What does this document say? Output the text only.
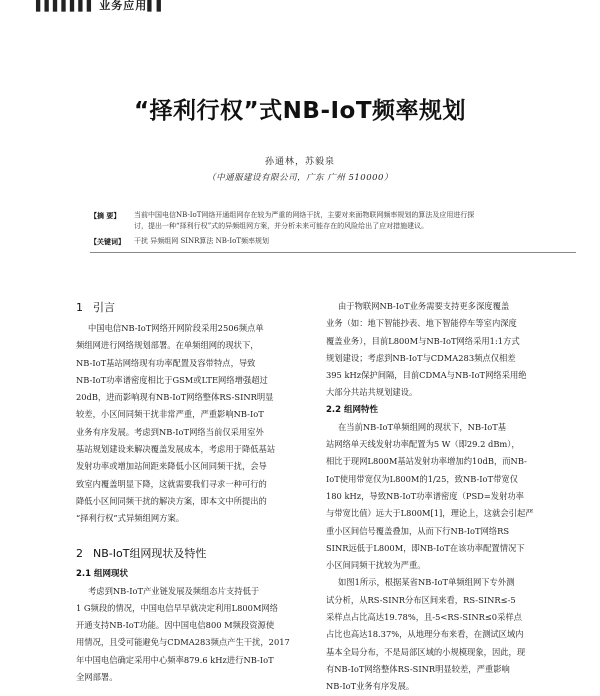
▌▌▌▌▌▌▌ 业务应用▌▌
“择利行权”式NB-IoT频率规划
孙通林，苏毅泉
（中通服建设有限公司，广东 广州 510000）
【摘 要】	当前中国电信NB-IoT网络开通组网存在较为严重的网络干扰，主要对来面物联网频率规划的算法及应用进行探
讨，提出一种“择利行权”式的异频组网方案，并分析未来可能存在的风险给出了应对措施建议。
【关键词】	干扰 异频组网 SINR算法 NB-IoT频率规划
1 引言

中国电信NB-IoT网络开网阶段采用2506频点单

频组网进行网络规划部署。在单频组网的现状下，

NB-IoT基站网络现有功率配置及容带特点，导致

NB-IoT功率谱密度相比于GSM或LTE网络增强超过

20dB，进而影响现有NB-IoT网络整体RS-SINR明显

较差，小区间同频干扰非常严重，严重影响NB-IoT

业务有序发展。考虑到NB-IoT网络当前仅采用室外

基站规划建设来解决覆盖发展成本，考虑用于降低基站

发射功率或增加站间距来降低小区间同频干扰，会导

致室内覆盖明显下降，这就需要我们寻求一种可行的

降低小区间同频干扰的解决方案，即本文中所提出的

“择利行权”式异频组网方案。

2 NB-IoT组网现状及特性
2.1 组网现状

考虑到NB-IoT产业链发展及频组态片支持低于

1 G频段的情况，中国电信早早就决定利用L800M网络

开通支持NB-IoT功能。因中国电信800 M频段资源使

用情况，且受可能避免与CDMA283频点产生干扰，2017

年中国电信确定采用中心频率879.6 kHz进行NB-IoT

全网部署。

由于物联网NB-IoT业务需要支持更多深度覆盖

业务（如：地下智能抄表、地下智能停车等室内深度

覆盖业务），目前L800M与NB-IoT网络采用1:1方式

规划建设；考虑到NB-IoT与CDMA283频点仅相差

395 kHz保护间隔，目前CDMA与NB-IoT网络采用绝

大部分共站共规划建设。

2.2 组网特性

在当前NB-IoT单频组网的现状下，NB-IoT基

站网络单天线发射功率配置为5 W（即29.2 dBm），

相比于现网L800M基站发射功率增加约10dB，而NB-

IoT使用带宽仅为L800M的1/25，致NB-IoT带宽仅

180 kHz，导致NB-IoT功率谱密度（PSD=发射功率

与带宽比值）远大于L800M[1]，理论上，这就会引起严

重小区间信号覆盖叠加，从而下行NB-IoT网络RS

SINR远低于L800M，即NB-IoT在该功率配置情况下

小区间同频干扰较为严重。

如图1所示，根据某省NB-IoT单频组网下专外测

试分析，从RS-SINR分布区间来看，RS-SINR≤-5

采样点占比高达19.78%，且-5<RS-SINR≤0采样点

占比也高达18.37%，从地理分布来看，在测试区域内

基本全局分布，不是局部区域的小规模现象，因此，现

有NB-IoT网络整体RS-SINR明显较差，严重影响

NB-IoT业务有序发展。
